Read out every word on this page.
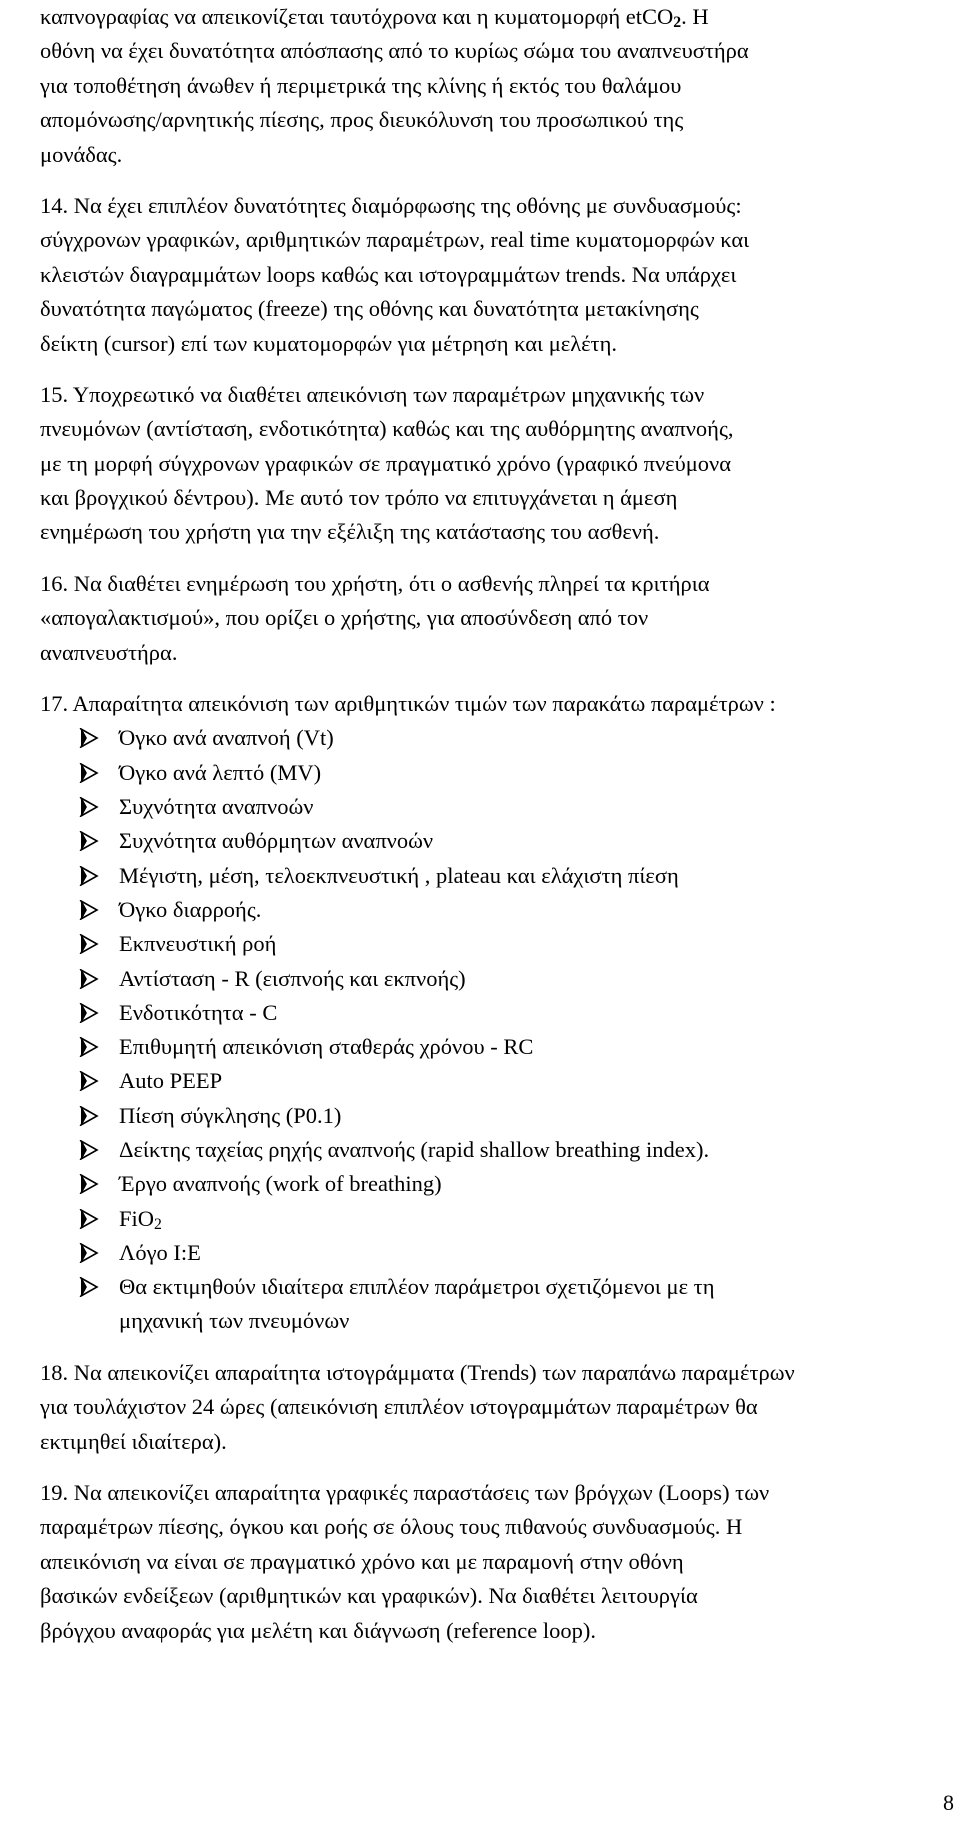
καπνογραφίας να απεικονίζεται ταυτόχρονα και η κυματομορφή etCO$_2$. Η
οθόνη να έχει δυνατότητα απόσπασης από το κυρίως σώμα του αναπνευστήρα
για τοποθέτηση άνωθεν ή περιμετρικά της κλίνης ή εκτός του θαλάμου
απομόνωσης/αρνητικής πίεσης, προς διευκόλυνση του προσωπικού της
μονάδας.
14. Να έχει επιπλέον δυνατότητες διαμόρφωσης της οθόνης με συνδυασμούς:
σύγχρονων γραφικών, αριθμητικών παραμέτρων, real time κυματομορφών και
κλειστών διαγραμμάτων loops καθώς και ιστογραμμάτων trends. Να υπάρχει
δυνατότητα παγώματος (freeze) της οθόνης και δυνατότητα μετακίνησης
δείκτη (cursor) επί των κυματομορφών για μέτρηση και μελέτη.
15. Υποχρεωτικό να διαθέτει απεικόνιση των παραμέτρων μηχανικής των
πνευμόνων (αντίσταση, ενδοτικότητα) καθώς και της αυθόρμητης αναπνοής,
με τη μορφή σύγχρονων γραφικών σε πραγματικό χρόνο (γραφικό πνεύμονα
και βρογχικού δέντρου). Με αυτό τον τρόπο να επιτυγχάνεται η άμεση
ενημέρωση του χρήστη για την εξέλιξη της κατάστασης του ασθενή.
16. Να διαθέτει ενημέρωση του χρήστη, ότι ο ασθενής πληρεί τα κριτήρια
«απογαλακτισμού», που ορίζει ο χρήστης, για αποσύνδεση από τον
αναπνευστήρα.
17. Απαραίτητα απεικόνιση των αριθμητικών τιμών των παρακάτω παραμέτρων :
Όγκο ανά αναπνοή (Vt)
Όγκο ανά λεπτό (MV)
Συχνότητα αναπνοών
Συχνότητα αυθόρμητων αναπνοών
Μέγιστη, μέση, τελοεκπνευστική , plateau και ελάχιστη πίεση
Όγκο διαρροής.
Εκπνευστική ροή
Αντίσταση - R (εισπνοής και εκπνοής)
Ενδοτικότητα - C
Επιθυμητή απεικόνιση σταθεράς χρόνου - RC
Auto PEEP
Πίεση σύγκλησης (P0.1)
Δείκτης ταχείας ρηχής αναπνοής (rapid shallow breathing index).
Έργο αναπνοής (work of breathing)
FiO$_2$
Λόγο I:E
Θα εκτιμηθούν ιδιαίτερα επιπλέον παράμετροι σχετιζόμενοι με τη
μηχανική των πνευμόνων
18. Να απεικονίζει απαραίτητα ιστογράμματα (Trends) των παραπάνω παραμέτρων
για τουλάχιστον 24 ώρες (απεικόνιση επιπλέον ιστογραμμάτων παραμέτρων θα
εκτιμηθεί ιδιαίτερα).
19. Να απεικονίζει απαραίτητα γραφικές παραστάσεις των βρόγχων (Loops) των
παραμέτρων πίεσης, όγκου και ροής σε όλους τους πιθανούς συνδυασμούς. Η
απεικόνιση να είναι σε πραγματικό χρόνο και με παραμονή στην οθόνη
βασικών ενδείξεων (αριθμητικών και γραφικών). Να διαθέτει λειτουργία
βρόγχου αναφοράς για μελέτη και διάγνωση (reference loop).
8
